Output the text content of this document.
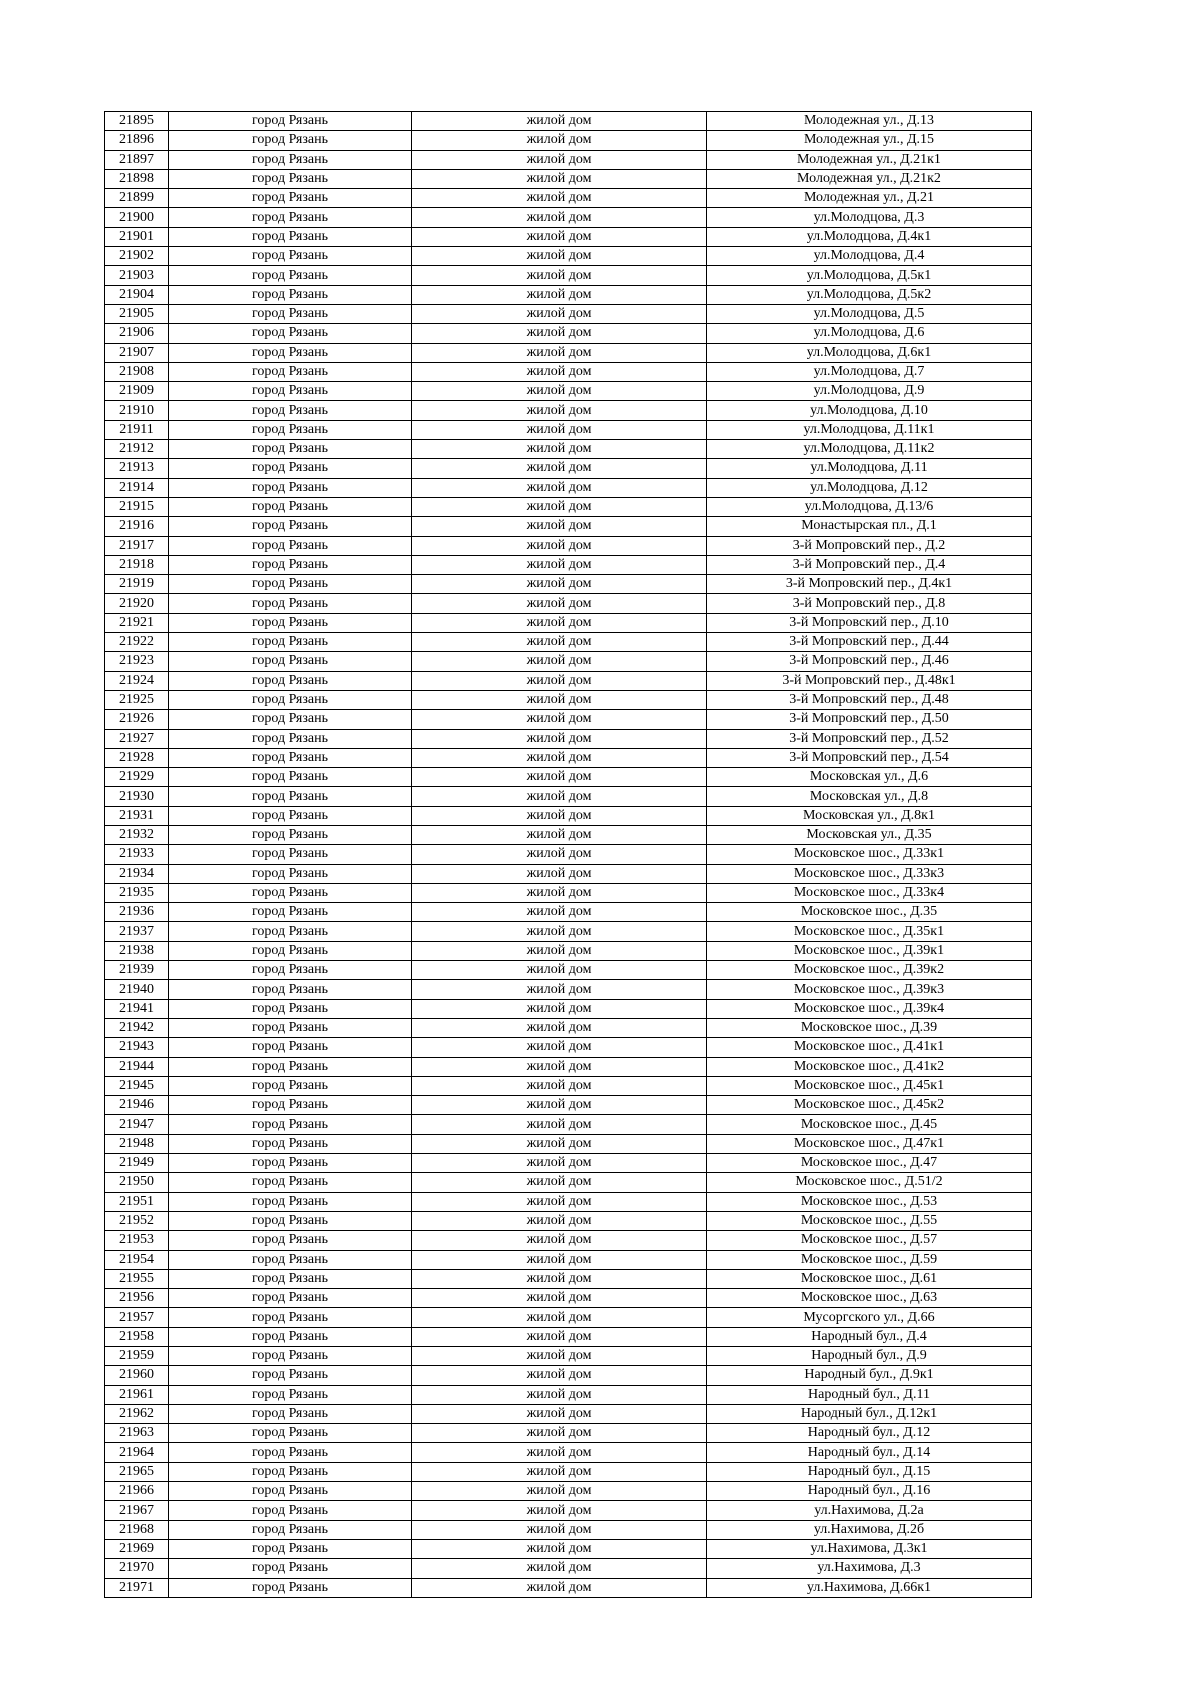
21895	город Рязань	жилой дом	Молодежная ул., Д.13
21896	город Рязань	жилой дом	Молодежная ул., Д.15
21897	город Рязань	жилой дом	Молодежная ул., Д.21к1
21898	город Рязань	жилой дом	Молодежная ул., Д.21к2
21899	город Рязань	жилой дом	Молодежная ул., Д.21
21900	город Рязань	жилой дом	ул.Молодцова, Д.3
21901	город Рязань	жилой дом	ул.Молодцова, Д.4к1
21902	город Рязань	жилой дом	ул.Молодцова, Д.4
21903	город Рязань	жилой дом	ул.Молодцова, Д.5к1
21904	город Рязань	жилой дом	ул.Молодцова, Д.5к2
21905	город Рязань	жилой дом	ул.Молодцова, Д.5
21906	город Рязань	жилой дом	ул.Молодцова, Д.6
21907	город Рязань	жилой дом	ул.Молодцова, Д.6к1
21908	город Рязань	жилой дом	ул.Молодцова, Д.7
21909	город Рязань	жилой дом	ул.Молодцова, Д.9
21910	город Рязань	жилой дом	ул.Молодцова, Д.10
21911	город Рязань	жилой дом	ул.Молодцова, Д.11к1
21912	город Рязань	жилой дом	ул.Молодцова, Д.11к2
21913	город Рязань	жилой дом	ул.Молодцова, Д.11
21914	город Рязань	жилой дом	ул.Молодцова, Д.12
21915	город Рязань	жилой дом	ул.Молодцова, Д.13/6
21916	город Рязань	жилой дом	Монастырская пл., Д.1
21917	город Рязань	жилой дом	3-й Мопровский пер., Д.2
21918	город Рязань	жилой дом	3-й Мопровский пер., Д.4
21919	город Рязань	жилой дом	3-й Мопровский пер., Д.4к1
21920	город Рязань	жилой дом	3-й Мопровский пер., Д.8
21921	город Рязань	жилой дом	3-й Мопровский пер., Д.10
21922	город Рязань	жилой дом	3-й Мопровский пер., Д.44
21923	город Рязань	жилой дом	3-й Мопровский пер., Д.46
21924	город Рязань	жилой дом	3-й Мопровский пер., Д.48к1
21925	город Рязань	жилой дом	3-й Мопровский пер., Д.48
21926	город Рязань	жилой дом	3-й Мопровский пер., Д.50
21927	город Рязань	жилой дом	3-й Мопровский пер., Д.52
21928	город Рязань	жилой дом	3-й Мопровский пер., Д.54
21929	город Рязань	жилой дом	Московская ул., Д.6
21930	город Рязань	жилой дом	Московская ул., Д.8
21931	город Рязань	жилой дом	Московская ул., Д.8к1
21932	город Рязань	жилой дом	Московская ул., Д.35
21933	город Рязань	жилой дом	Московское шос., Д.33к1
21934	город Рязань	жилой дом	Московское шос., Д.33к3
21935	город Рязань	жилой дом	Московское шос., Д.33к4
21936	город Рязань	жилой дом	Московское шос., Д.35
21937	город Рязань	жилой дом	Московское шос., Д.35к1
21938	город Рязань	жилой дом	Московское шос., Д.39к1
21939	город Рязань	жилой дом	Московское шос., Д.39к2
21940	город Рязань	жилой дом	Московское шос., Д.39к3
21941	город Рязань	жилой дом	Московское шос., Д.39к4
21942	город Рязань	жилой дом	Московское шос., Д.39
21943	город Рязань	жилой дом	Московское шос., Д.41к1
21944	город Рязань	жилой дом	Московское шос., Д.41к2
21945	город Рязань	жилой дом	Московское шос., Д.45к1
21946	город Рязань	жилой дом	Московское шос., Д.45к2
21947	город Рязань	жилой дом	Московское шос., Д.45
21948	город Рязань	жилой дом	Московское шос., Д.47к1
21949	город Рязань	жилой дом	Московское шос., Д.47
21950	город Рязань	жилой дом	Московское шос., Д.51/2
21951	город Рязань	жилой дом	Московское шос., Д.53
21952	город Рязань	жилой дом	Московское шос., Д.55
21953	город Рязань	жилой дом	Московское шос., Д.57
21954	город Рязань	жилой дом	Московское шос., Д.59
21955	город Рязань	жилой дом	Московское шос., Д.61
21956	город Рязань	жилой дом	Московское шос., Д.63
21957	город Рязань	жилой дом	Мусоргского ул., Д.66
21958	город Рязань	жилой дом	Народный бул., Д.4
21959	город Рязань	жилой дом	Народный бул., Д.9
21960	город Рязань	жилой дом	Народный бул., Д.9к1
21961	город Рязань	жилой дом	Народный бул., Д.11
21962	город Рязань	жилой дом	Народный бул., Д.12к1
21963	город Рязань	жилой дом	Народный бул., Д.12
21964	город Рязань	жилой дом	Народный бул., Д.14
21965	город Рязань	жилой дом	Народный бул., Д.15
21966	город Рязань	жилой дом	Народный бул., Д.16
21967	город Рязань	жилой дом	ул.Нахимова, Д.2а
21968	город Рязань	жилой дом	ул.Нахимова, Д.2б
21969	город Рязань	жилой дом	ул.Нахимова, Д.3к1
21970	город Рязань	жилой дом	ул.Нахимова, Д.3
21971	город Рязань	жилой дом	ул.Нахимова, Д.66к1
